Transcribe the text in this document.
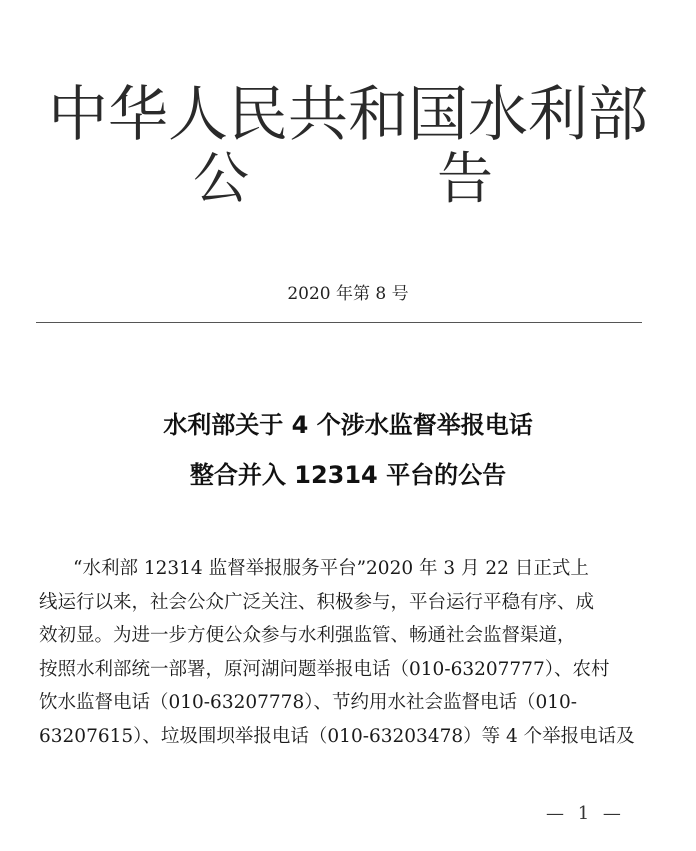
中华人民共和国水利部
公	告
2020 年第 8 号
水利部关于 4 个涉水监督举报电话
整合并入 12314 平台的公告
“水利部 12314 监督举报服务平台”2020 年 3 月 22 日正式上
线运行以来，社会公众广泛关注、积极参与，平台运行平稳有序、成
效初显。为进一步方便公众参与水利强监管、畅通社会监督渠道，
按照水利部统一部署，原河湖问题举报电话（010-63207777）、农村
饮水监督电话（010-63207778）、节约用水社会监督电话（010-
63207615）、垃圾围坝举报电话（010-63203478）等 4 个举报电话及
— 1 —
